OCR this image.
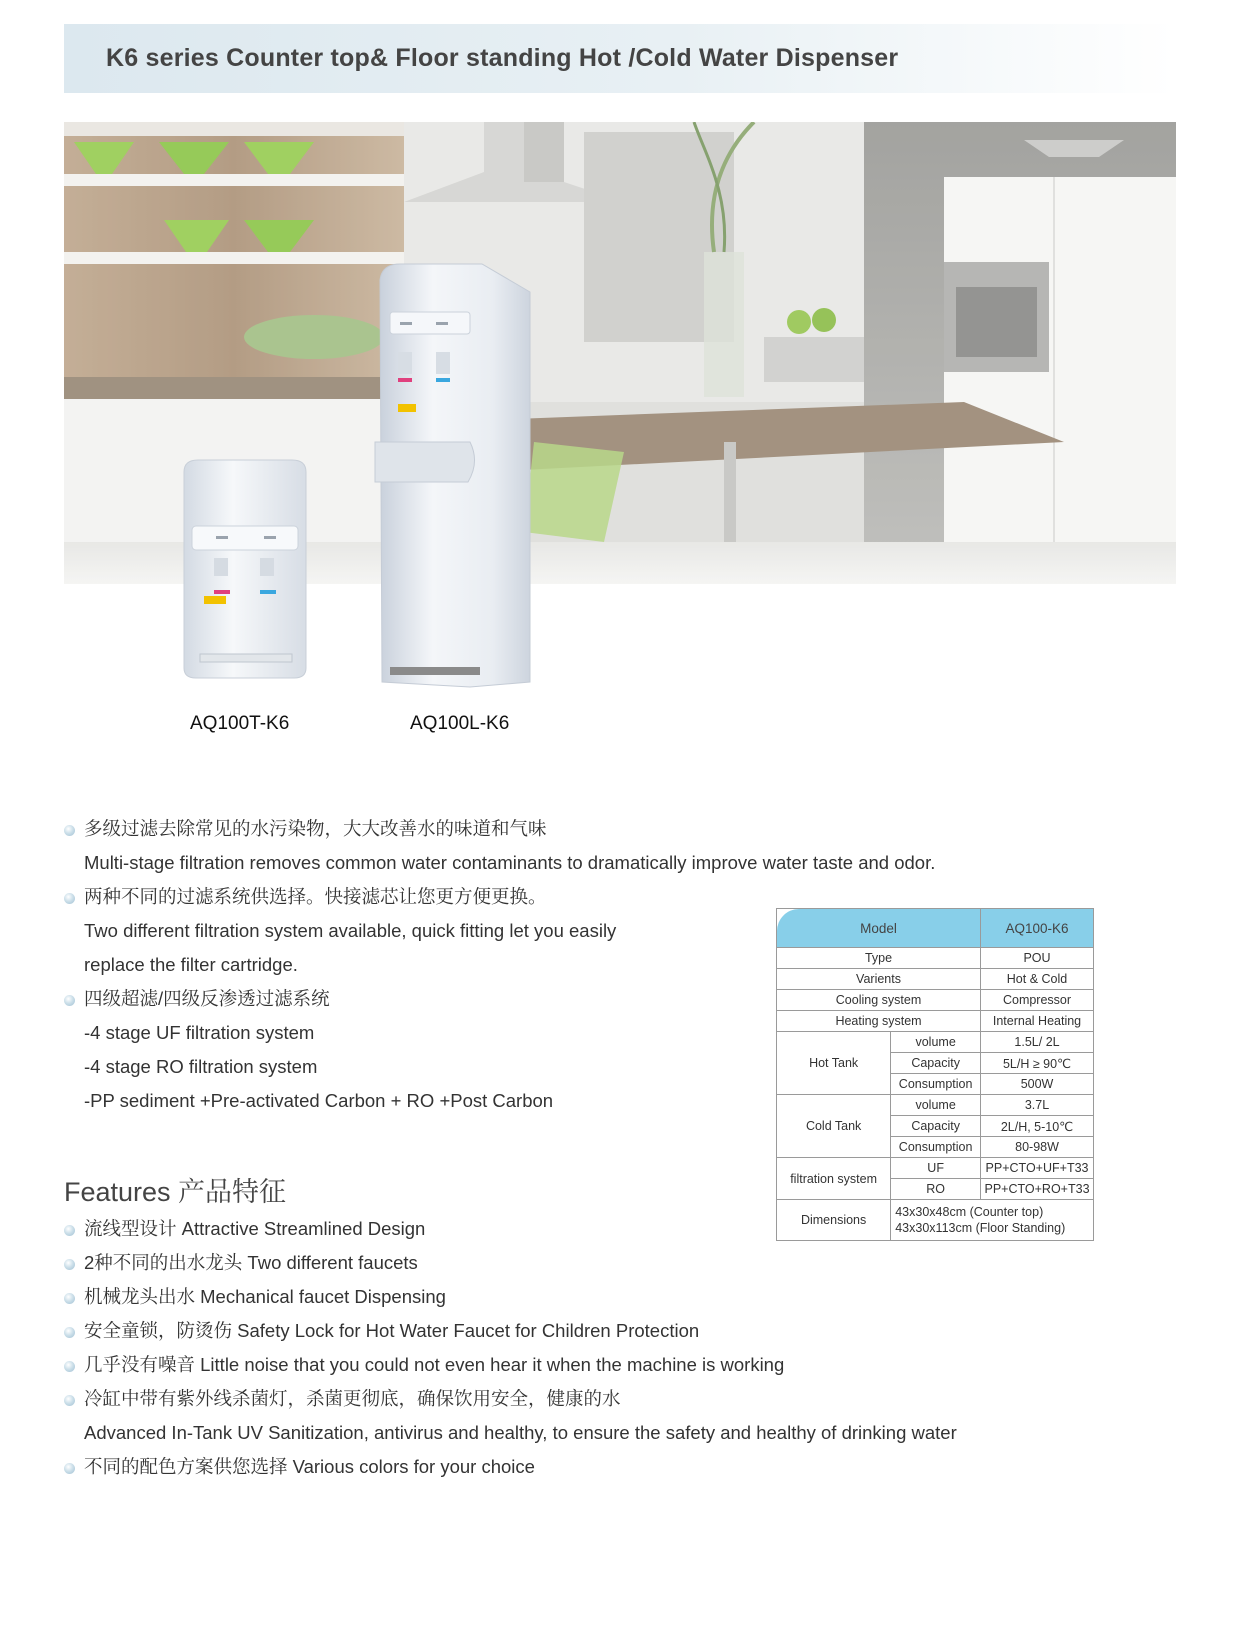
K6 series Counter top& Floor standing Hot /Cold Water Dispenser
AQ100T-K6	AQ100L-K6
多级过滤去除常见的水污染物，大大改善水的味道和气味
Multi-stage filtration removes common water contaminants to dramatically improve water taste and odor.
两种不同的过滤系统供选择。快接滤芯让您更方便更换。
Two different filtration system available, quick fitting let you easily
replace the filter cartridge.
四级超滤/四级反渗透过滤系统
-4 stage UF filtration system
-4 stage RO filtration system
-PP sediment +Pre-activated Carbon + RO +Post Carbon
Features 产品特征
流线型设计 Attractive Streamlined Design
2种不同的出水龙头 Two different faucets
机械龙头出水 Mechanical faucet Dispensing
安全童锁，防烫伤 Safety Lock for Hot Water Faucet for Children Protection
几乎没有噪音 Little noise that you could not even hear it when the machine is working
冷缸中带有紫外线杀菌灯，杀菌更彻底，确保饮用安全，健康的水
Advanced In-Tank UV Sanitization, antivirus and healthy, to ensure the safety and healthy of drinking water
不同的配色方案供您选择 Various colors for your choice
Model		AQ100-K6
Type		POU
Varients		Hot & Cold
Cooling system		Compressor
Heating system		Internal Heating
Hot Tank	volume	1.5L/ 2L
	Capacity	5L/H ≥ 90℃
	Consumption	500W
Cold Tank	volume	3.7L
	Capacity	2L/H, 5-10℃
	Consumption	80-98W
filtration system	UF	PP+CTO+UF+T33
	RO	PP+CTO+RO+T33
Dimensions	43x30x48cm (Counter top)
43x30x113cm (Floor Standing)	
